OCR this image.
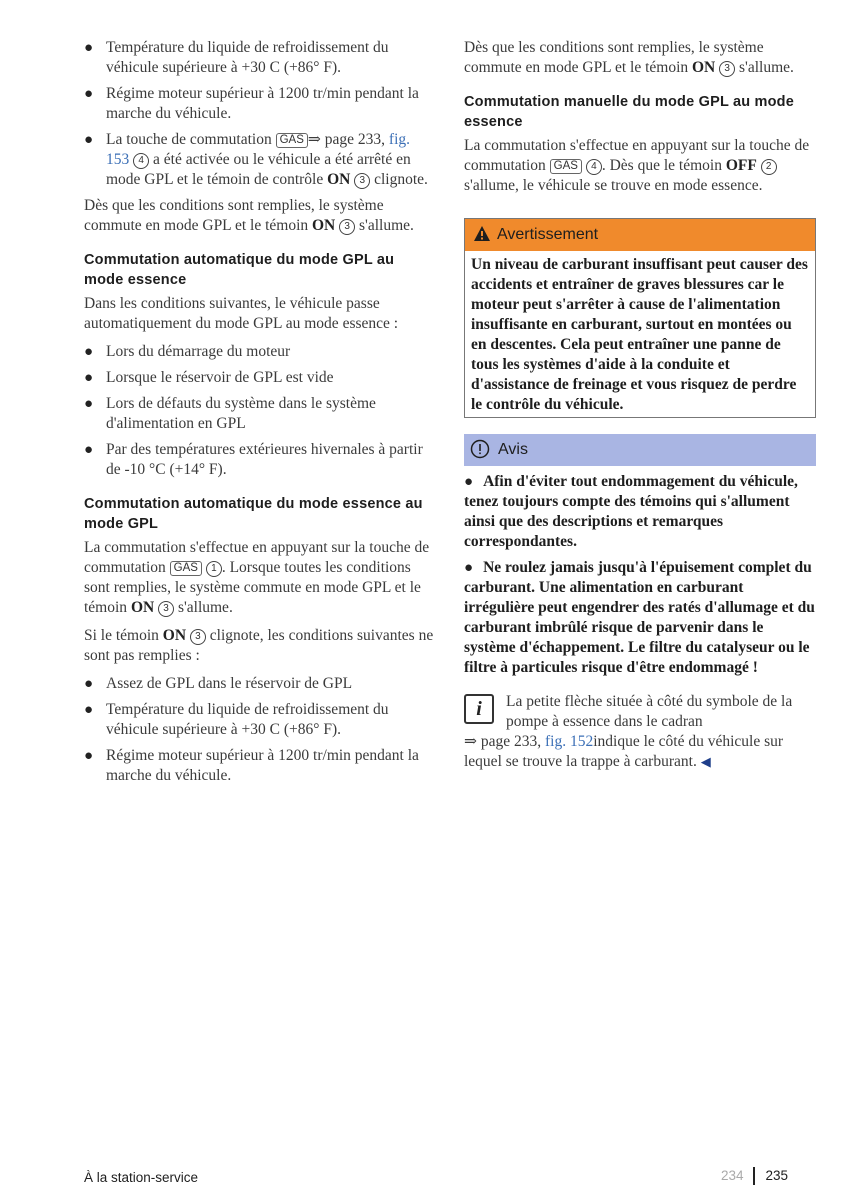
● Température du liquide de refroidissement du véhicule supérieure à +30 C (+86° F).
● Régime moteur supérieur à 1200 tr/min pendant la marche du véhicule.
● La touche de commutation GAS ⇒ page 233, fig. 153 4 a été activée ou le véhicule a été arrêté en mode GPL et le témoin de contrôle ON 3 clignote.

Dès que les conditions sont remplies, le système commute en mode GPL et le témoin ON 3 s'allume.

Commutation automatique du mode GPL au mode essence

Dans les conditions suivantes, le véhicule passe automatiquement du mode GPL au mode essence :

● Lors du démarrage du moteur
● Lorsque le réservoir de GPL est vide
● Lors de défauts du système dans le système d'alimentation en GPL
● Par des températures extérieures hivernales à partir de -10 °C (+14° F).
Commutation automatique du mode essence au mode GPL

La commutation s'effectue en appuyant sur la touche de commutation GAS 1 . Lorsque toutes les conditions sont remplies, le système commute en mode GPL et le témoin ON 3 s'allume.

Si le témoin ON 3 clignote, les conditions suivantes ne sont pas remplies :

● Assez de GPL dans le réservoir de GPL
● Température du liquide de refroidissement du véhicule supérieure à +30 C (+86° F).
● Régime moteur supérieur à 1200 tr/min pendant la marche du véhicule.

Dès que les conditions sont remplies, le système commute en mode GPL et le témoin ON 3 s'allume.

Commutation manuelle du mode GPL au mode essence

La commutation s'effectue en appuyant sur la touche de commutation GAS 4 . Dès que le témoin OFF 2 s'allume, le véhicule se trouve en mode essence.

Avertissement
Un niveau de carburant insuffisant peut causer des accidents et entraîner de graves blessures car le moteur peut s'arrêter à cause de l'alimentation insuffisante en carburant, surtout en montées ou en descentes. Cela peut entraîner une panne de tous les systèmes d'aide à la conduite et d'assistance de freinage et vous risquez de perdre le contrôle du véhicule.
Avis
● Afin d'éviter tout endommagement du véhicule, tenez toujours compte des témoins qui s'allument ainsi que des descriptions et remarques correspondantes.
● Ne roulez jamais jusqu'à l'épuisement complet du carburant. Une alimentation en carburant irrégulière peut engendrer des ratés d'allumage et du carburant imbrûlé risque de parvenir dans le système d'échappement. Le filtre du catalyseur ou le filtre à particules risque d'être endommagé !
i	La petite flèche située à côté du symbole de la pompe à essence dans le cadran
⇒ page 233, fig. 152indique le côté du véhicule sur lequel se trouve la trappe à carburant. ◀
À la station-service	234 235
